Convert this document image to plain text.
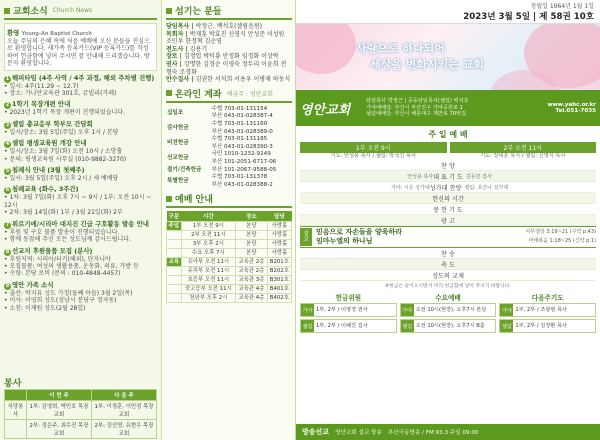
교회소식 Church News
환영 Young-An Baptist Church
오늘 주님의 은혜 속에 처음 예배에 오신 분들을 진심으로 환영합니다. 새가족 등록카드(VIP 등록카드)를 작성하여 헌금함에 넣어 주시면 잘 안내해 드리겠습니다. 방문자 환영합니다.
1 해피타임 (4주 사역 / 4주 과정, 해외 주차별 진행)
• 일시: 4주(11.29 ~ 12.7)
• 장소: 가나안교육관 301호, 쥬빌리(카페)
2 1학기 목장개편 안내
• 2023년 1학기 목장 개편이 진행되었습니다.
3 셀림 총교응부 학부모 간담회
• 일시/장소: 3월 5일(주일) 오후 1시 / 본당
4 셀림 평생교육원 개강 안내
• 일시/장소: 3월 7일(화) 오전 10시 / 소망홀
• 문의: 평생교육원 사무실 (010-9882-3270)
5 침례식 안내 (3월 첫째주)
• 일시: 3월 5일(주일) 오후 2시 / 세 예배당
6 침례교육 (화수, 3주간)
• 1차: 3월 7일(화) 오후 7시 ~ 9시 / 1부: 오전 10시 ~ 12시
• 2차: 3월 14일(화) 1부 / 3월 21일(화) 2부
7 위르기에/시리아 대지진 긴급 구호활동 발송 안내
• 후원 및 구호 물품 발송이 진행되었습니다.
• 함께 동참해 주신 모든 성도님께 감사드립니다.
8 선교지 후원물품 모집 (분사)
• 후원지역: 시리아/터키(해외), 탄자니아
• 모집물품: 여성의 생활용품, 운동화, 의류, 가방 등
• 수령: 본당 로비 (문의 : 010-4848-4457)
9 영안 가족 소식
• 출산: 박지유 성도 가정(둘째 아들) 3월 2일(목)
• 이사: 이영희 성도(성남시 분당구 정자동)
• 소천: 이재원 성도(2월 28일)
봉사
	이 번 주	다 음 주
식당봉사	1부: 김영희, 박민호 목장교회	1부: 이정훈, 이민정 목장교회
	2부: 정은주, 최수진 목장교회	2부: 강선영, 유현우 목장교회
섬기는 분들
담임목사 | 박정근, 백석호(셀림음원)
목회자 | 박재훈 박효진 신영식 안성준 이성원 조민우 한정혁 김순영
전도사 | 김용기
장로 | 김정업 박덕룡 안정화 임정화 이상락
권사 | 강명한 김경순 이영숙 정두리 이윤희 전형숙 조경화
안수집사 | 김권한 서석희 서용우 이병재 하동식
온라인 계좌 예금주 : 영안교회
십일조	수협 703-01-131154
부산 043-01-028387-4

감사헌금	수협 703-01-131160
부산 043-01-028389-0

비전헌금	수협 703-01-131185
부산 043-01-028390-3

선교헌금	국민 1010-1232-9249
부산 101-2051-6717-06

절기/건축헌금	부산 101-2067-9588-05

특별헌금	수협 703-01-131378
부산 043-01-028388-2
예배 안내
구분	시간	장소	담당
주일	1부 오전 9시	본당	사랑홀
	2부 오전 11시	본당	사랑홀
	3부 오후 2시	본당	사랑홀
	수요 오후 7시	본당	사랑홀
교육	유아부 오전 11시	교육관 2층	B201호
	유치부 오전 11시	교육관 2층	B202호
	초등부 오전 11시	교육관 3층	B301호
	중고등부 오전 11시	교육관 4층	B401호
	청년부 오후 2시	교육관 4층	B402호
창립일 1964년 1월 1일
2023년 3월 5일 | 제 58권 10호
사랑으로 하나되어
세상을 변화시키는 교회
영안교회
담임목사 박정근 | 공동담임목사(셀림) 백석호
가야예배당: 부산시 부산진구 가야공원로 1
셀림예배당: 부산시 해운대구 재반로 70번길
www.yabc.or.kr
Tel.051-7035
주 일 예 배
1부 오전 9시
기도: 안성용 목사 / 셀림: 박성진 목사
2부 오전 11시
기도: 장대훈 목사 / 셀림: 신영식 목사
찬 양
안성용 목사 대 표 기 도 김동민 집사
가야: 시온 성가대 성가대 찬양 셀림: 호산나 성가대
헌신의 시간
봉 헌 기 도
광 고
설교
믿음으로 자손들을 양육하라
임마누엘의 하나님
사무엘상 3:19~21 (구약 p.43)
마태복음 1:18~25 (신약 p.1)
찬 송
축 도
성도의 교제
※헌금은 들어오시면서 미리 헌금함에 넣어 주시기 바랍니다.
헌금위원
가야 1부, 2부 / 이영경 권사
셀림 1부, 2부 / 이혜진 집사
수요예배
가야 오전 10시(현장), 오후7시 본당
셀림 오전 10시(현장), 오후7시 B홀
다음주기도
가야 1부, 2부 / 조광현 목사
셀림 1부, 2부 / 김장환 목사
방송선교 영안교회 설교 방송 부산극동방송 / FM 93.3 주일 09:00
